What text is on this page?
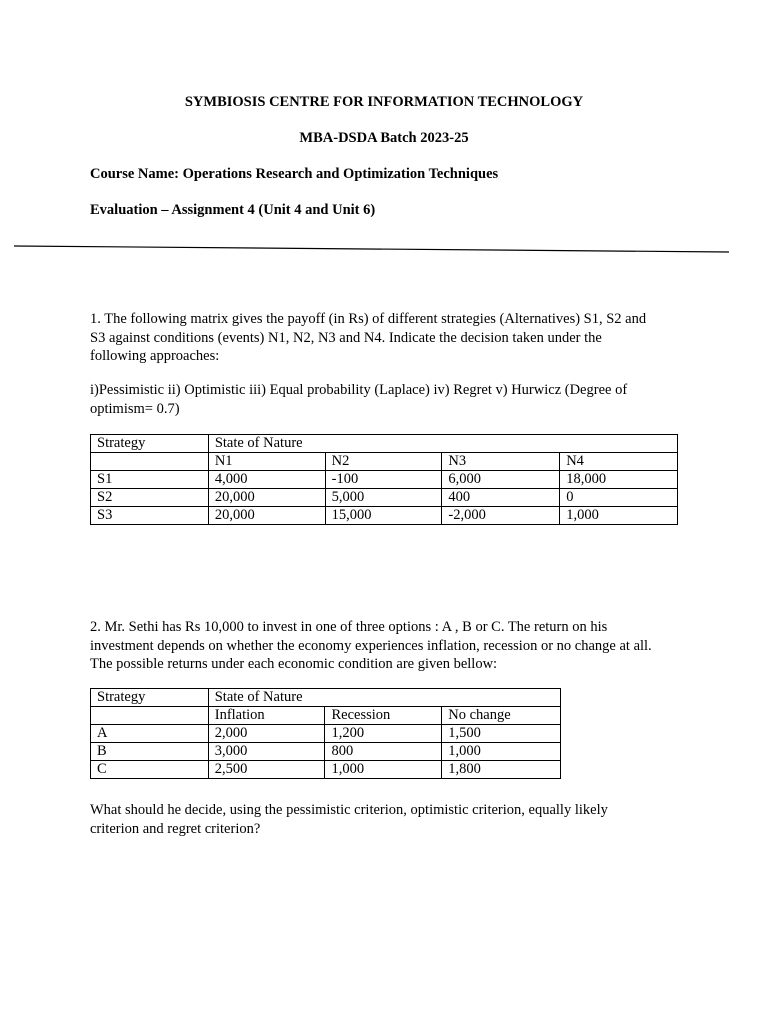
SYMBIOSIS CENTRE FOR INFORMATION TECHNOLOGY
MBA-DSDA Batch 2023-25
Course Name: Operations Research and Optimization Techniques
Evaluation – Assignment 4 (Unit 4 and Unit 6)
1. The following matrix gives the payoff (in Rs) of different strategies (Alternatives) S1, S2 and
S3 against conditions (events) N1, N2, N3 and N4. Indicate the decision taken under the
following approaches:
i)Pessimistic ii) Optimistic iii) Equal probability (Laplace) iv) Regret v) Hurwicz (Degree of
optimism= 0.7)
Strategy	State of Nature			
	N1	N2	N3	N4
S1	4,000	-100	6,000	18,000
S2	20,000	5,000	400	0
S3	20,000	15,000	-2,000	1,000
2. Mr. Sethi has Rs 10,000 to invest in one of three options : A , B or C. The return on his
investment depends on whether the economy experiences inflation, recession or no change at all.
The possible returns under each economic condition are given bellow:
Strategy	State of Nature		
	Inflation	Recession	No change
A	2,000	1,200	1,500
B	3,000	800	1,000
C	2,500	1,000	1,800
What should he decide, using the pessimistic criterion, optimistic criterion, equally likely
criterion and regret criterion?
